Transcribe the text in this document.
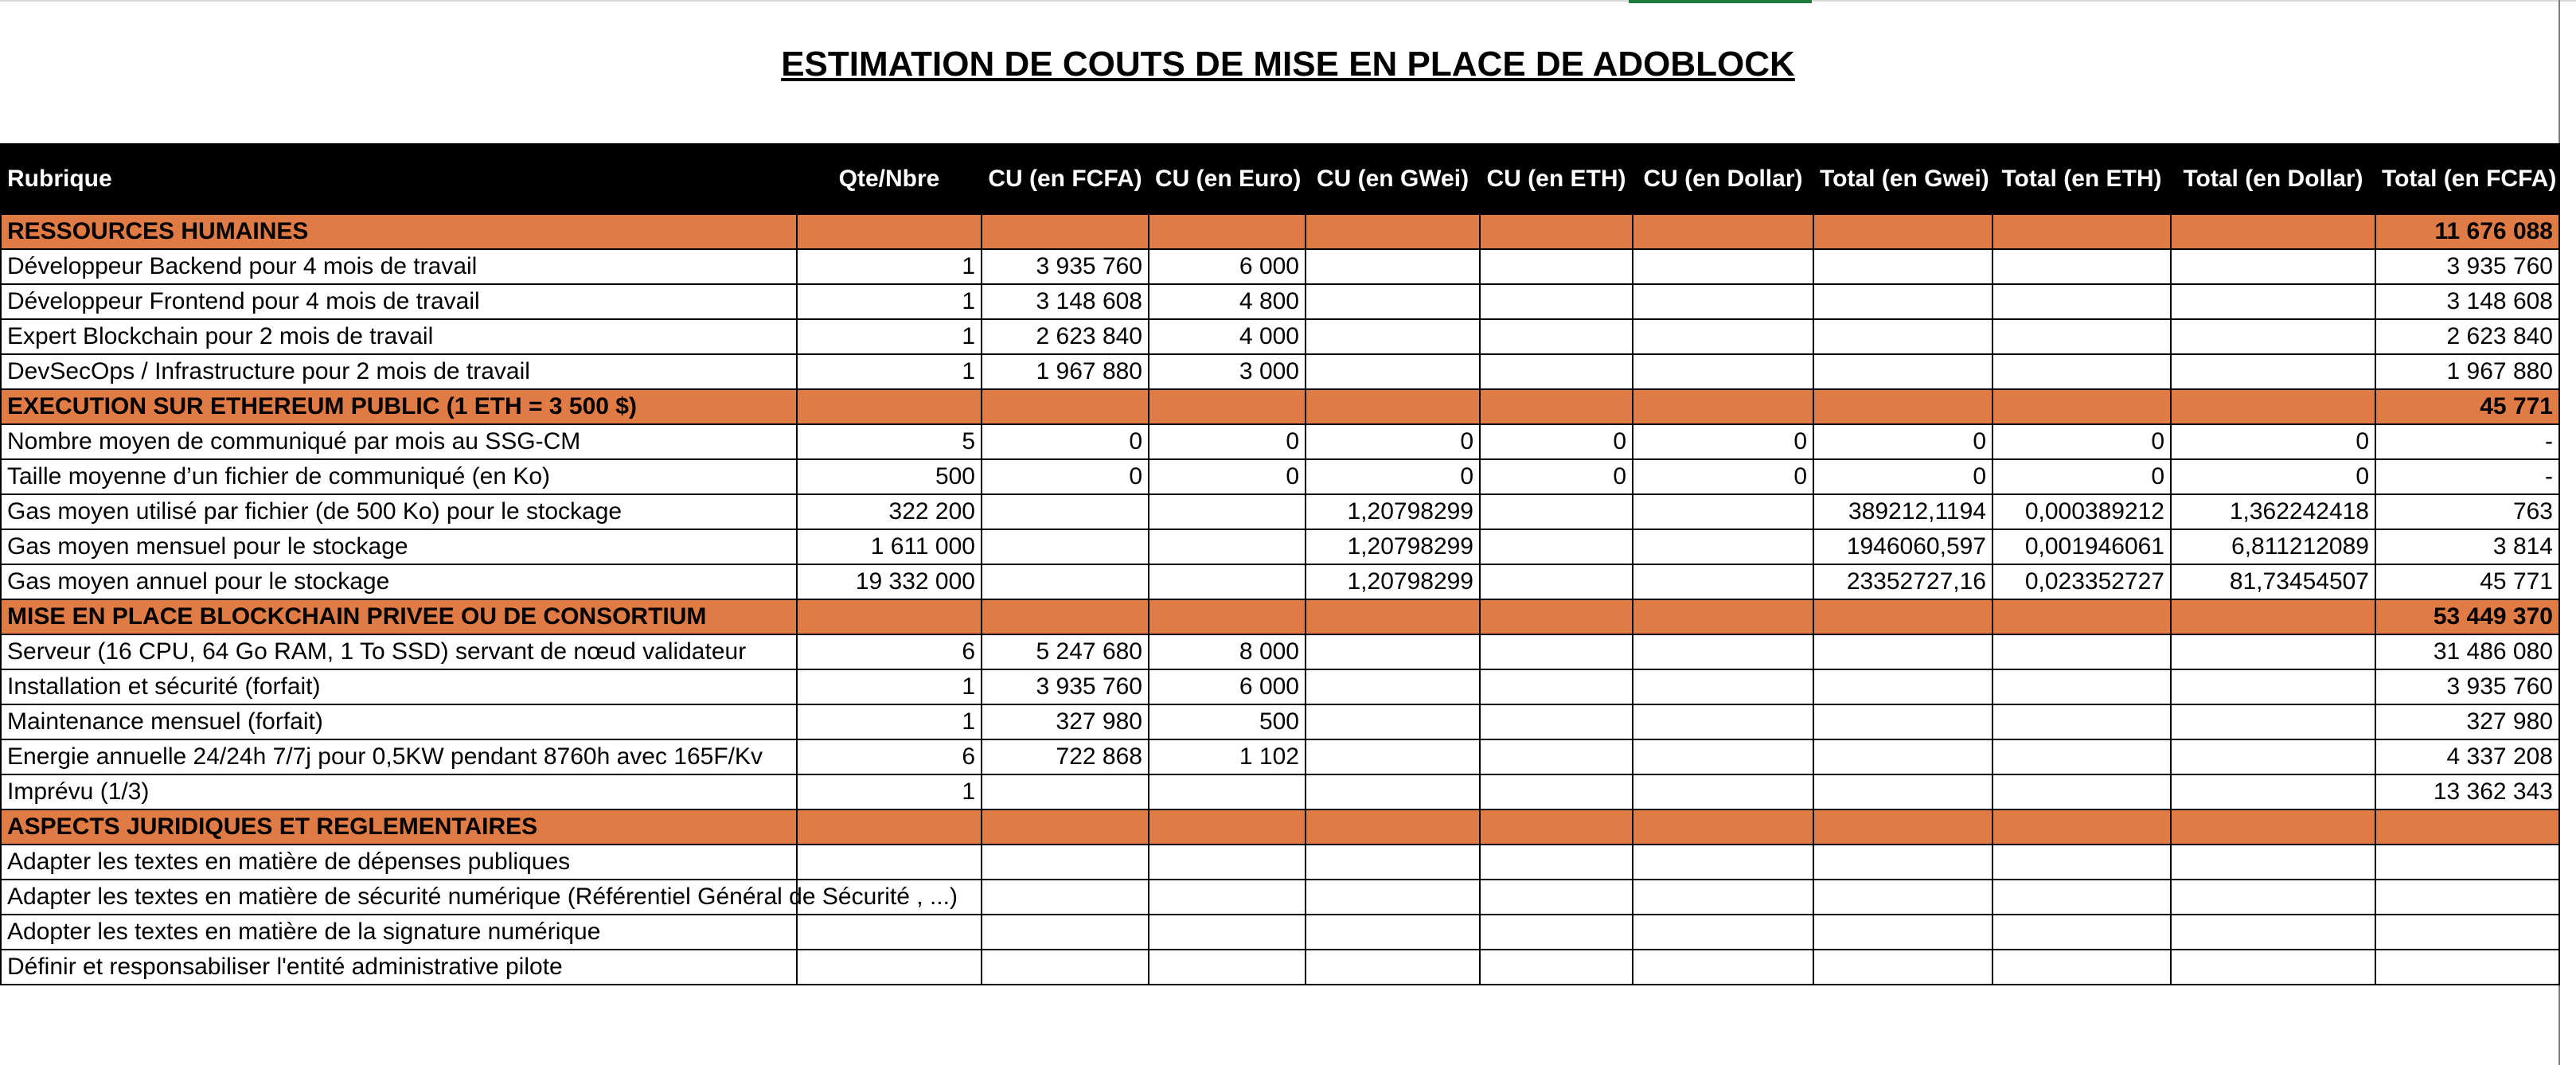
ESTIMATION DE COUTS DE MISE EN PLACE DE ADOBLOCK
Rubrique	Qte/Nbre	CU (en FCFA)	CU (en Euro)	CU (en GWei)	CU (en ETH)	CU (en Dollar)	Total (en Gwei)	Total (en ETH)	Total (en Dollar)	Total (en FCFA)
RESSOURCES HUMAINES										11 676 088
Développeur Backend pour 4 mois de travail	1	3 935 760	6 000							3 935 760
Développeur Frontend pour 4 mois de travail	1	3 148 608	4 800							3 148 608
Expert Blockchain pour 2 mois de travail	1	2 623 840	4 000							2 623 840
DevSecOps / Infrastructure pour 2 mois de travail	1	1 967 880	3 000							1 967 880
EXECUTION SUR ETHEREUM PUBLIC (1 ETH = 3 500 $)										45 771
Nombre moyen de communiqué par mois au SSG-CM	5	0	0	0	0	0	0	0	0	-
Taille moyenne d’un fichier de communiqué (en Ko)	500	0	0	0	0	0	0	0	0	-
Gas moyen utilisé par fichier (de 500 Ko) pour le stockage	322 200			1,20798299			389212,1194	0,000389212	1,362242418	763
Gas moyen mensuel pour le stockage	1 611 000			1,20798299			1946060,597	0,001946061	6,811212089	3 814
Gas moyen annuel pour le stockage	19 332 000			1,20798299			23352727,16	0,023352727	81,73454507	45 771
MISE EN PLACE BLOCKCHAIN PRIVEE OU DE CONSORTIUM										53 449 370
Serveur (16 CPU, 64 Go RAM, 1 To SSD) servant de nœud validateur	6	5 247 680	8 000							31 486 080
Installation et sécurité (forfait)	1	3 935 760	6 000							3 935 760
Maintenance mensuel (forfait)	1	327 980	500							327 980
Energie annuelle 24/24h 7/7j pour 0,5KW pendant 8760h avec 165F/Kv	6	722 868	1 102							4 337 208
Imprévu (1/3)	1									13 362 343
ASPECTS JURIDIQUES ET REGLEMENTAIRES										
Adapter les textes en matière de dépenses publiques										
Adapter les textes en matière de sécurité numérique (Référentiel Général de Sécurité , ...)										
Adopter les textes en matière de la signature numérique										
Définir et responsabiliser l'entité administrative pilote										
